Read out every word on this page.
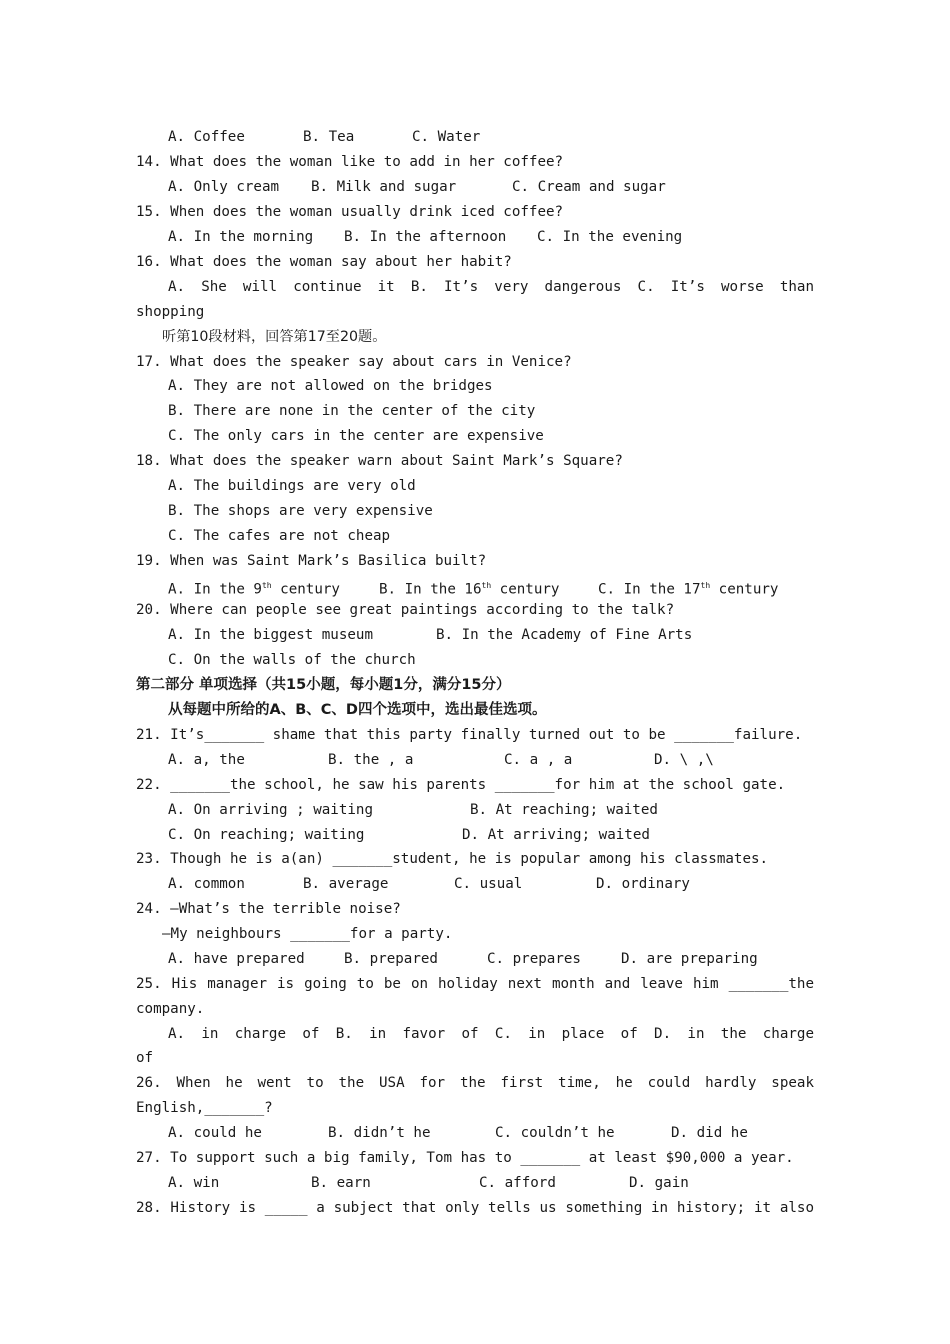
A. Coffee	B. Tea	C. Water
14. What does the woman like to add in her coffee?
A. Only cream B. Milk and sugar	C. Cream and sugar
15. When does the woman usually drink iced coffee?
A. In the morning B. In the afternoon C. In the evening
16. What does the woman say about her habit?
A. She will continue it B. It’s very dangerous C. It’s worse than
shopping
听第10段材料，回答第17至20题。
17. What does the speaker say about cars in Venice?
A. They are not allowed on the bridges
B. There are none in the center of the city
C. The only cars in the center are expensive
18. What does the speaker warn about Saint Mark’s Square?
A. The buildings are very old
B. The shops are very expensive
C. The cafes are not cheap
19. When was Saint Mark’s Basilica built?
A. In the 9th century	B. In the 16th century	C. In the 17th century
20. Where can people see great paintings according to the talk?
A. In the biggest museum	B. In the Academy of Fine Arts
C. On the walls of the church
第二部分 单项选择（共15小题，每小题1分，满分15分）
从每题中所给的A、B、C、D四个选项中，选出最佳选项。
21. It’s_______ shame that this party finally turned out to be _______failure.
A. a, the	B. the , a	C. a , a	D. \ ,\
22. _______the school, he saw his parents _______for him at the school gate.
A. On arriving ; waiting	B. At reaching; waited
C. On reaching; waiting	D. At arriving; waited
23. Though he is a(an) _______student, he is popular among his classmates.
A. common	B. average	C. usual	D. ordinary
24. —What’s the terrible noise?
—My neighbours _______for a party.
A. have prepared	B. prepared	C. prepares	D. are preparing
25. His manager is going to be on holiday next month and leave him _______the
company.
A. in charge of B. in favor of C. in place of D. in the charge
of
26. When he went to the USA for the first time, he could hardly speak
English,_______?
A. could he	B. didn’t he	C. couldn’t he	D. did he
27. To support such a big family, Tom has to _______ at least $90,000 a year.
A. win	B. earn	C. afford	D. gain
28. History is _____ a subject that only tells us something in history; it also
